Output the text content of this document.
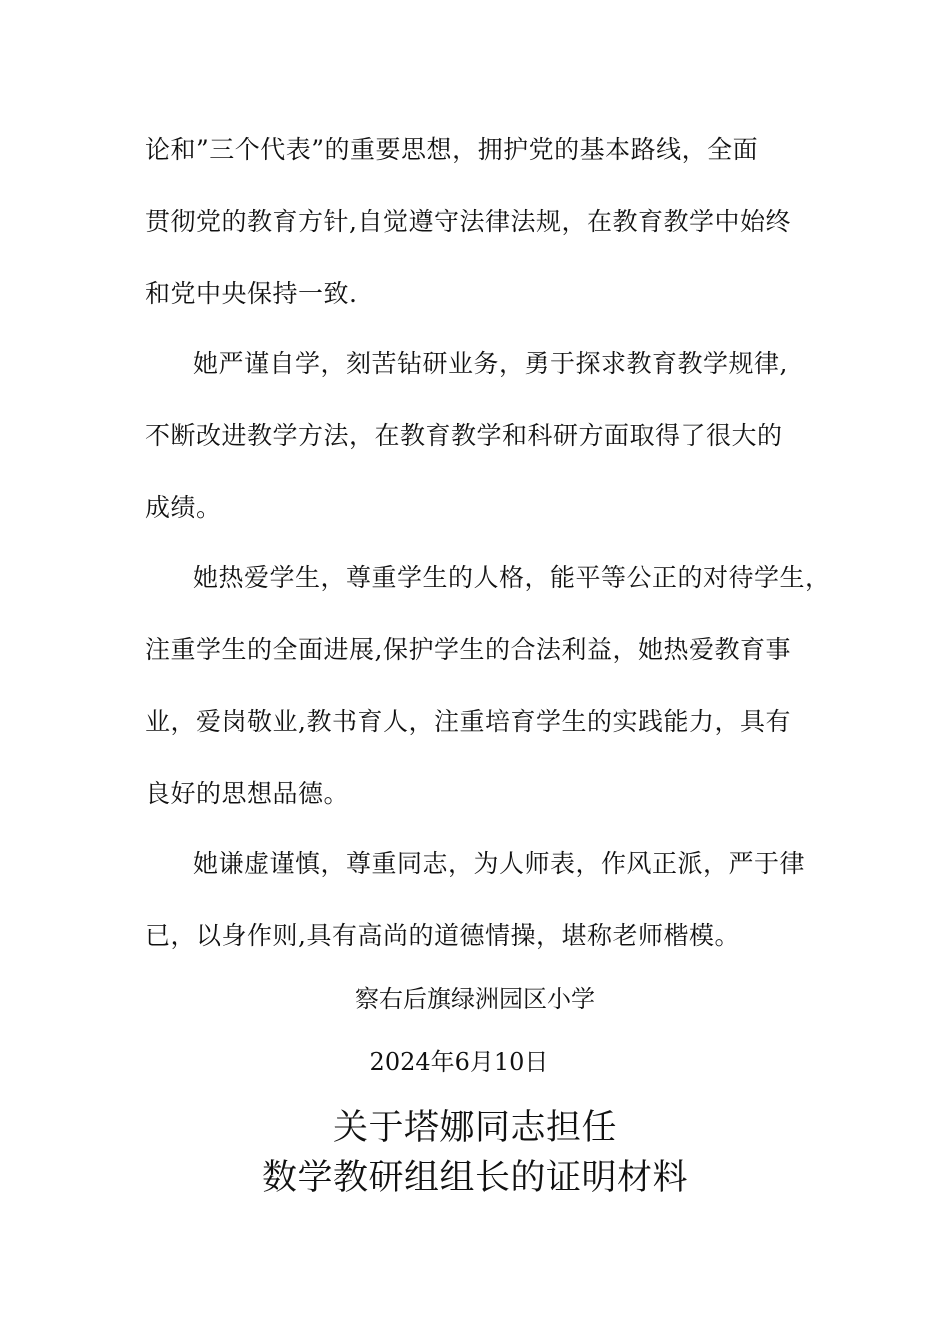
论和”三个代表”的重要思想，拥护党的基本路线，全面
贯彻党的教育方针,自觉遵守法律法规，在教育教学中始终
和党中央保持一致.
她严谨自学，刻苦钻研业务，勇于探求教育教学规律,
不断改进教学方法，在教育教学和科研方面取得了很大的
成绩。
她热爱学生，尊重学生的人格，能平等公正的对待学生，
注重学生的全面进展,保护学生的合法利益，她热爱教育事
业，爱岗敬业,教书育人，注重培育学生的实践能力，具有
良好的思想品德。
她谦虚谨慎，尊重同志，为人师表，作风正派，严于律
已，以身作则,具有高尚的道德情操，堪称老师楷模。
察右后旗绿洲园区小学
2024年6月10日
关于塔娜同志担任
数学教研组组长的证明材料
